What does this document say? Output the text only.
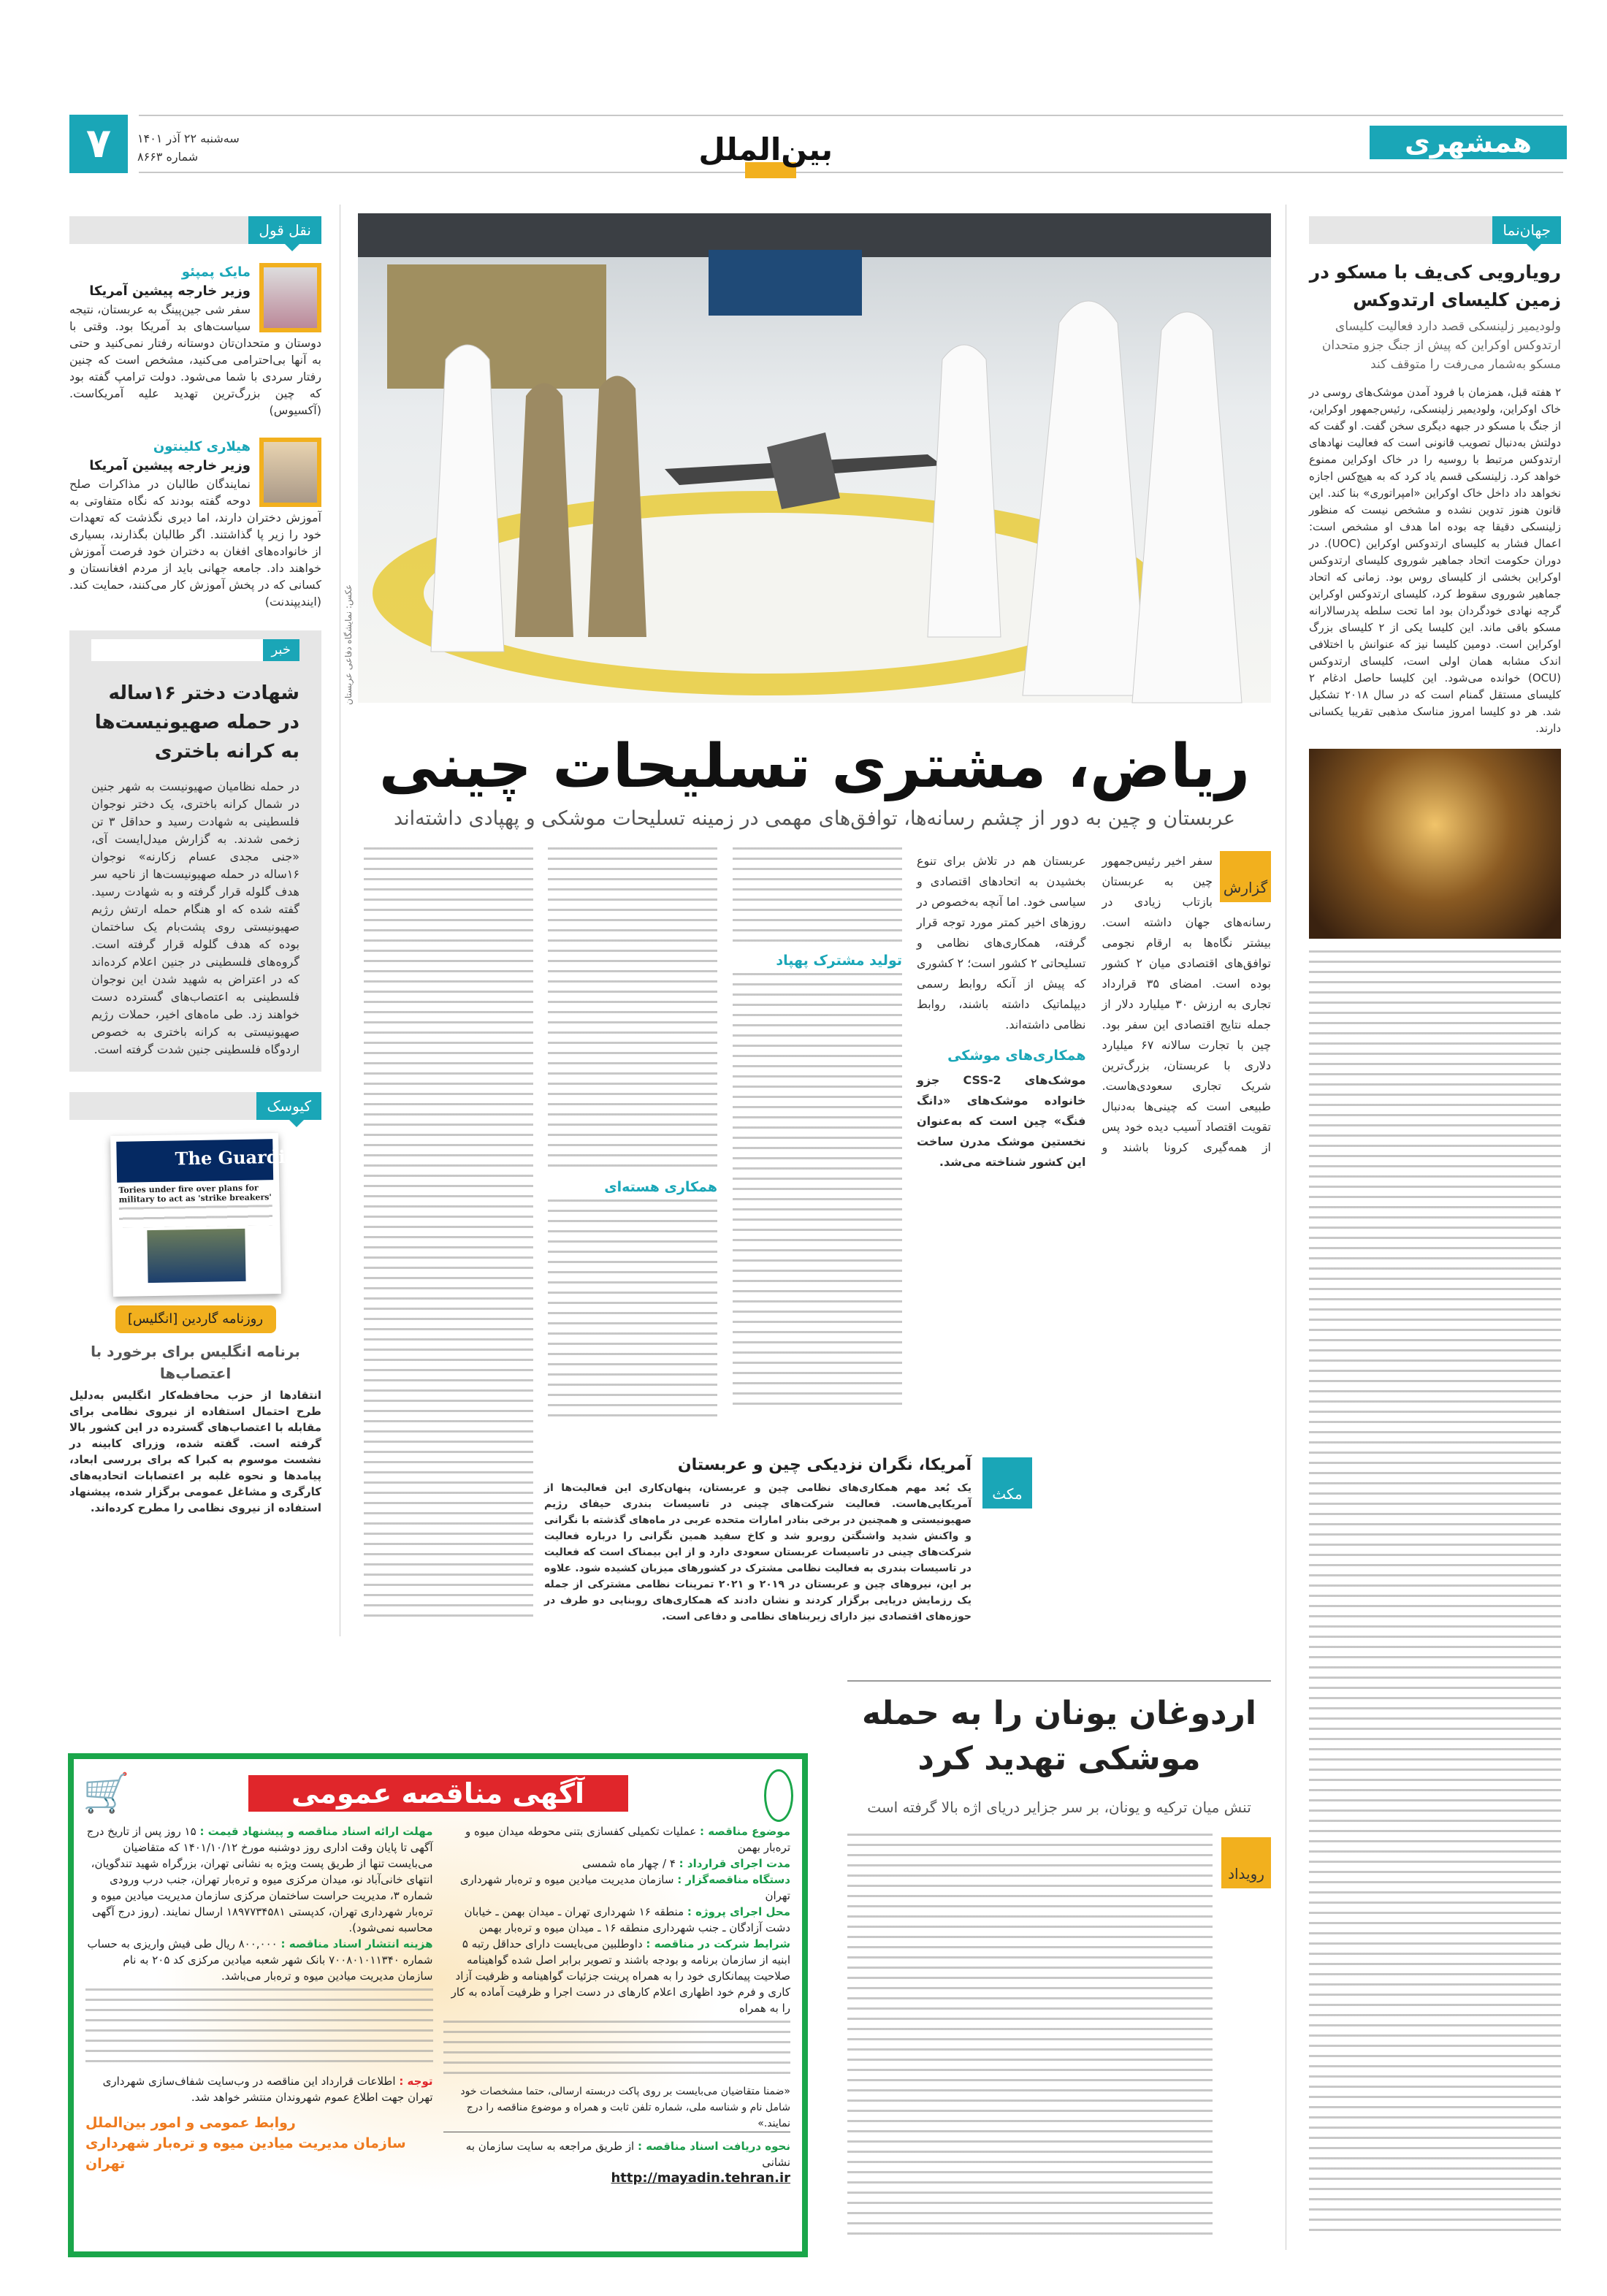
۷	سه‌شنبه ۲۲ آذر ۱۴۰۱
شماره ۸۶۶۳	بین‌الملل	همشهری
نقل قول
مایک پمپئو
وزیر خارجه پیشین آمریکا
سفر شی جین‌پینگ به عربستان، نتیجه سیاست‌های بد آمریکا بود. وقتی با دوستان و متحدان‌تان دوستانه رفتار نمی‌کنید و حتی به آنها بی‌احترامی می‌کنید، مشخص است که چنین رفتار سردی با شما می‌شود. دولت ترامپ گفته بود که چین بزرگ‌ترین تهدید علیه آمریکاست. (آکسیوس)
هیلاری کلینتون
وزیر خارجه پیشین آمریکا
نمایندگان طالبان در مذاکرات صلح دوحه گفته بودند که نگاه متفاوتی به آموزش دختران دارند، اما دیری نگذشت که تعهدات خود را زیر پا گذاشتند. اگر طالبان بگذارند، بسیاری از خانواده‌های افغان به دختران خود فرصت آموزش خواهند داد. جامعه جهانی باید از مردم افغانستان و کسانی که در پخش آموزش کار می‌کنند، حمایت کند. (ایندیپندنت)
خبر
شهادت دختر ۱۶ساله در حمله صهیونیست‌ها به کرانه باختری
در حمله نظامیان صهیونیست به شهر جنین در شمال کرانه باختری، یک دختر نوجوان فلسطینی به شهادت رسید و حداقل ۳ تن زخمی شدند. به گزارش میدل‌ایست آی، «جنی مجدی عسام زکارنه» نوجوان ۱۶ساله در حمله صهیونیست‌ها از ناحیه سر هدف گلوله قرار گرفته و به شهادت رسید. گفته شده که او هنگام حمله ارتش رژیم صهیونیستی روی پشت‌بام یک ساختمان بوده که هدف گلوله قرار گرفته است. گروه‌های فلسطینی در جنین اعلام کرده‌اند که در اعتراض به شهید شدن این نوجوان فلسطینی به اعتصاب‌های گسترده دست خواهند زد. طی ماه‌های اخیر، حملات رژیم صهیونیستی به کرانه باختری به خصوص اردوگاه فلسطینی جنین شدت گرفته است.
کیوسک
The Guardian
Tories under fire over plans for military to act as 'strike breakers'
روزنامه گاردین [انگلیس]
برنامه انگلیس برای برخورد با اعتصاب‌ها
انتقادها از حزب محافظه‌کار انگلیس به‌دلیل طرح احتمال استفاده از نیروی نظامی برای مقابله با اعتصاب‌های گسترده در این کشور بالا گرفته است. گفته شده، وزرای کابینه در نشست موسوم به کبرا که برای بررسی ابعاد، پیامدها و نحوه غلبه بر اعتصابات اتحادیه‌های کارگری و مشاغل عمومی برگزار شده، پیشنهاد استفاده از نیروی نظامی را مطرح کرده‌اند.
عکس: نمایشگاه دفاعی عربستان
ریاض، مشتری تسلیحات چینی
عربستان و چین به دور از چشم رسانه‌ها، توافق‌های مهمی در زمینه تسلیحات موشکی و پهپادی داشته‌اند
گزارش
سفر اخیر رئیس‌جمهور چین به عربستان بازتاب زیادی در رسانه‌های جهان داشته است. بیشتر نگاه‌ها به ارقام نجومی توافق‌های اقتصادی میان ۲ کشور بوده است. امضای ۳۵ قرارداد تجاری به ارزش ۳۰ میلیارد دلار از جمله نتایج اقتصادی این سفر بود. چین با تجارت سالانه ۶۷ میلیارد دلاری با عربستان، بزرگ‌ترین شریک تجاری سعودی‌هاست. طبیعی است که چینی‌ها به‌دنبال تقویت اقتصاد آسیب دیده خود پس از همه‌گیری کرونا باشند و عربستان هم در تلاش برای تنوع بخشیدن به اتحادهای اقتصادی و سیاسی خود. اما آنچه به‌خصوص در روزهای اخیر کمتر مورد توجه قرار گرفته، همکاری‌های نظامی و تسلیحاتی ۲ کشور است؛ ۲ کشوری که پیش از آنکه روابط رسمی دیپلماتیک داشته باشند، روابط نظامی داشته‌اند.
همکاری‌های موشکی
موشک‌های CSS-2 جزو خانواده موشک‌های «دانگ فنگ» چین است که به‌عنوان نخستین موشک مدرن ساخت این کشور شناخته می‌شد.
تولید مشترک پهپاد
همکاری هسته‌ای
مکث
آمریکا، نگران نزدیکی چین و عربستان
یک بُعد مهم همکاری‌های نظامی چین و عربستان، پنهان‌کاری این فعالیت‌ها از آمریکایی‌هاست. فعالیت شرکت‌های چینی در تاسیسات بندری حیفای رژیم صهیونیستی و همچنین در برخی بنادر امارات متحده عربی در ماه‌های گذشته با نگرانی و واکنش شدید واشنگتن روبرو شد و کاخ سفید همین نگرانی را درباره فعالیت شرکت‌های چینی در تاسیسات عربستان سعودی دارد و از این بیمناک است که فعالیت در تاسیسات بندری به فعالیت نظامی مشترک در کشورهای میزبان کشیده شود. علاوه بر این، نیروهای چین و عربستان در ۲۰۱۹ و ۲۰۲۱ تمرینات نظامی مشترکی از جمله یک رزمایش دریایی برگزار کردند و نشان دادند که همکاری‌های روبنایی دو طرف در حوزه‌های اقتصادی نیز دارای زیربناهای نظامی و دفاعی است.
جهان‌نما
رویارویی کی‌یف با مسکو در زمین کلیسای ارتدوکس
ولودیمیر زلینسکی قصد دارد فعالیت کلیسای ارتدوکس اوکراین که پیش از جنگ جزو متحدان مسکو به‌شمار می‌رفت را متوقف کند
۲ هفته قبل، همزمان با فرود آمدن موشک‌های روسی در خاک اوکراین، ولودیمیر زلینسکی، رئیس‌جمهور اوکراین، از جنگ با مسکو در جبهه دیگری سخن گفت. او گفت که دولتش به‌دنبال تصویب قانونی است که فعالیت نهادهای ارتدوکس مرتبط با روسیه را در خاک اوکراین ممنوع خواهد کرد. زلینسکی قسم یاد کرد که به هیچ‌کس اجازه نخواهد داد داخل خاک اوکراین «امپراتوری» بنا کند. این قانون هنوز تدوین نشده و مشخص نیست که منظور زلینسکی دقیقا چه بوده اما هدف او مشخص است: اعمال فشار به کلیسای ارتدوکس اوکراین (UOC). در دوران حکومت اتحاد جماهیر شوروی کلیسای ارتدوکس اوکراین بخشی از کلیسای روس بود. زمانی که اتحاد جماهیر شوروی سقوط کرد، کلیسای ارتدوکس اوکراین گرچه نهادی خودگردان بود اما تحت سلطه پدرسالارانه مسکو باقی ماند. این کلیسا یکی از ۲ کلیسای بزرگ اوکراین است. دومین کلیسا نیز که عنوانش با اختلافی اندک مشابه همان اولی است، کلیسای ارتدوکس (OCU) خوانده می‌شود. این کلیسا حاصل ادغام ۲ کلیسای مستقل گمنام است که در سال ۲۰۱۸ تشکیل شد. هر دو کلیسا امروز مناسک مذهبی تقریبا یکسانی دارند.
اردوغان یونان را به حمله موشکی تهدید کرد
تنش میان ترکیه و یونان، بر سر جزایر دریای اژه بالا گرفته است
رویداد
🛒	آگهی مناقصه عمومی
موضوع مناقصه : عملیات تکمیلی کفسازی بتنی محوطه میدان میوه و تره‌بار بهمن
مدت اجرای قرارداد : ۴ / چهار ماه شمسی
دستگاه مناقصه‌گزار : سازمان مدیریت میادین میوه و تره‌بار شهرداری تهران
محل اجرای پروژه : منطقه ۱۶ شهرداری تهران ـ میدان بهمن ـ خیابان دشت آزادگان ـ جنب شهرداری منطقه ۱۶ ـ میدان میوه و تره‌بار بهمن
شرایط شرکت در مناقصه : داوطلبین می‌بایست دارای حداقل رتبه ۵ ابنیه از سازمان برنامه و بودجه باشند و تصویر برابر اصل شده گواهینامه صلاحیت پیمانکاری خود را به همراه پرینت جزئیات گواهینامه و ظرفیت آزاد کاری و فرم خود اظهاری اعلام کارهای در دست اجرا و ظرفیت آماده به کار را به همراه
«ضمنا متقاضیان می‌بایست بر روی پاکت دربسته ارسالی، حتما مشخصات خود شامل نام و شناسه ملی، شماره تلفن ثابت و همراه و موضوع مناقصه را درج نمایند.»
نحوه دریافت اسناد مناقصه : از طریق مراجعه به سایت سازمان به نشانی
http://mayadin.tehran.ir
مهلت ارائه اسناد مناقصه و پیشنهاد قیمت : ۱۵ روز پس از تاریخ درج آگهی تا پایان وقت اداری روز دوشنبه مورخ ۱۴۰۱/۱۰/۱۲ که متقاضیان می‌بایست تنها از طریق پست ویژه به نشانی تهران، بزرگراه شهید تندگویان، انتهای خانی‌آباد نو، میدان مرکزی میوه و تره‌بار تهران، جنب درب ورودی شماره ۳، مدیریت حراست ساختمان مرکزی سازمان مدیریت میادین میوه و تره‌بار شهرداری تهران، کدپستی ۱۸۹۷۷۳۴۵۸۱ ارسال نمایند. (روز درج آگهی محاسبه نمی‌شود).
هزینه انتشار اسناد مناقصه : ۸۰۰,۰۰۰ ریال طی فیش واریزی به حساب شماره ۷۰۰۸۰۱۰۱۱۳۴۰ بانک شهر شعبه میادین مرکزی کد ۲۰۵ به نام سازمان مدیریت میادین میوه و تره‌بار می‌باشد.
توجه : اطلاعات قرارداد این مناقصه در وب‌سایت شفاف‌سازی شهرداری تهران جهت اطلاع عموم شهروندان منتشر خواهد شد.
روابط عمومی و امور بین‌الملل
سازمان مدیریت میادین میوه و تره‌بار شهرداری تهران
